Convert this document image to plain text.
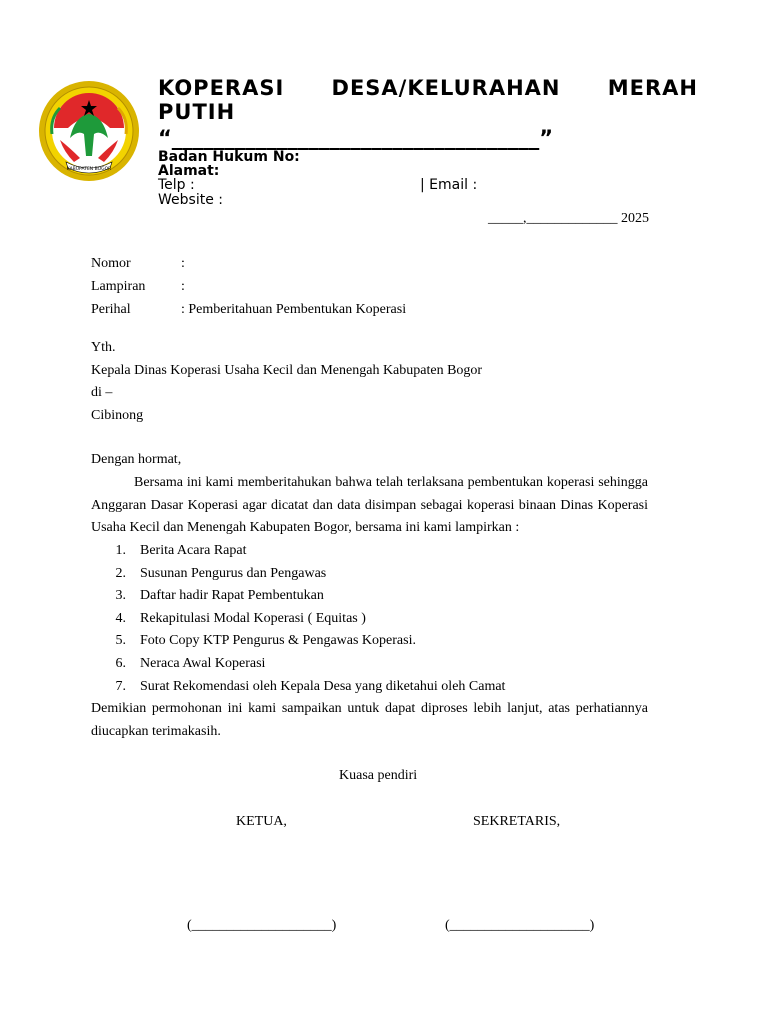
KABUPATEN BOGOR
KOPERASI DESA/KELURAHAN MERAH
PUTIH
“___________________________________”
Badan Hukum No:
Alamat:
Telp :	| Email :
Website :
_____,_____________ 2025
Nomor	:
Lampiran	:
Perihal	: Pemberitahuan Pembentukan Koperasi
Yth.
Kepala Dinas Koperasi Usaha Kecil dan Menengah Kabupaten Bogor
di –
Cibinong
Dengan hormat,
Bersama ini kami memberitahukan bahwa telah terlaksana pembentukan koperasi sehingga Anggaran Dasar Koperasi agar dicatat dan data disimpan sebagai koperasi binaan Dinas Koperasi Usaha Kecil dan Menengah Kabupaten Bogor, bersama ini kami lampirkan :
1.	Berita Acara Rapat
2.	Susunan Pengurus dan Pengawas
3.	Daftar hadir Rapat Pembentukan
4.	Rekapitulasi Modal Koperasi ( Equitas )
5.	Foto Copy KTP Pengurus & Pengawas Koperasi.
6.	Neraca Awal Koperasi
7.	Surat Rekomendasi oleh Kepala Desa yang diketahui oleh Camat
Demikian permohonan ini kami sampaikan untuk dapat diproses lebih lanjut, atas perhatiannya diucapkan terimakasih.
Kuasa pendiri
KETUA,	SEKRETARIS,
(____________________)	(____________________)
